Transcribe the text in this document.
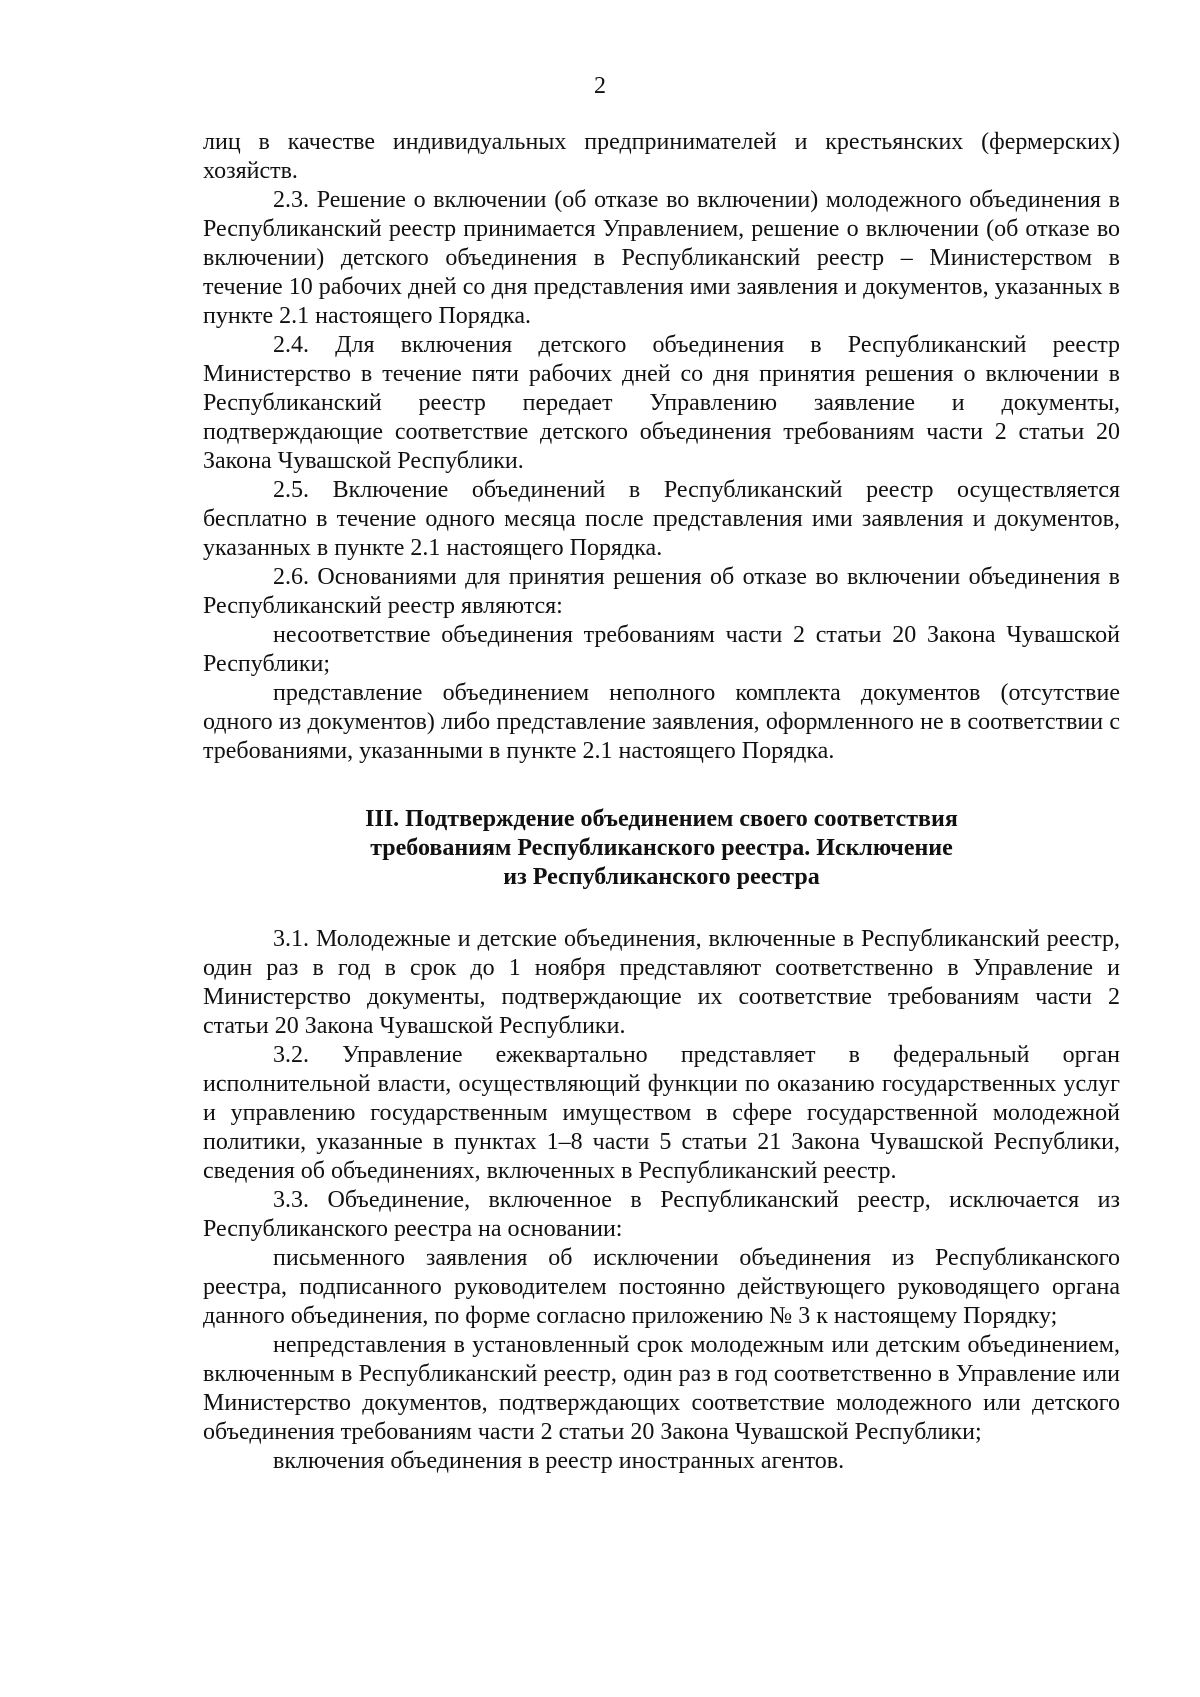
2

лиц в качестве индивидуальных предпринимателей и крестьянских (фермерских) хозяйств.

2.3. Решение о включении (об отказе во включении) молодежного объединения в Республиканский реестр принимается Управлением, решение о включении (об отказе во включении) детского объединения в Республиканский реестр – Министерством в течение 10 рабочих дней со дня представления ими заявления и документов, указанных в пункте 2.1 настоящего Порядка.

2.4. Для включения детского объединения в Республиканский реестр Министерство в течение пяти рабочих дней со дня принятия решения о включении в Республиканский реестр передает Управлению заявление и документы, подтверждающие соответствие детского объединения требованиям части 2 статьи 20 Закона Чувашской Республики.

2.5. Включение объединений в Республиканский реестр осуществляется бесплатно в течение одного месяца после представления ими заявления и документов, указанных в пункте 2.1 настоящего Порядка.

2.6. Основаниями для принятия решения об отказе во включении объединения в Республиканский реестр являются:

несоответствие объединения требованиям части 2 статьи 20 Закона Чувашской Республики;

представление объединением неполного комплекта документов (отсутствие одного из документов) либо представление заявления, оформленного не в соответствии с требованиями, указанными в пункте 2.1 настоящего Порядка.

III. Подтверждение объединением своего соответствия
требованиям Республиканского реестра. Исключение
из Республиканского реестра

3.1. Молодежные и детские объединения, включенные в Республиканский реестр, один раз в год в срок до 1 ноября представляют соответственно в Управление и Министерство документы, подтверждающие их соответствие требованиям части 2 статьи 20 Закона Чувашской Республики.

3.2. Управление ежеквартально представляет в федеральный орган исполнительной власти, осуществляющий функции по оказанию государственных услуг и управлению государственным имуществом в сфере государственной молодежной политики, указанные в пунктах 1–8 части 5 статьи 21 Закона Чувашской Республики, сведения об объединениях, включенных в Республиканский реестр.

3.3. Объединение, включенное в Республиканский реестр, исключается из Республиканского реестра на основании:

письменного заявления об исключении объединения из Республиканского реестра, подписанного руководителем постоянно действующего руководящего органа данного объединения, по форме согласно приложению № 3 к настоящему Порядку;

непредставления в установленный срок молодежным или детским объединением, включенным в Республиканский реестр, один раз в год соответственно в Управление или Министерство документов, подтверждающих соответствие молодежного или детского объединения требованиям части 2 статьи 20 Закона Чувашской Республики;

включения объединения в реестр иностранных агентов.
